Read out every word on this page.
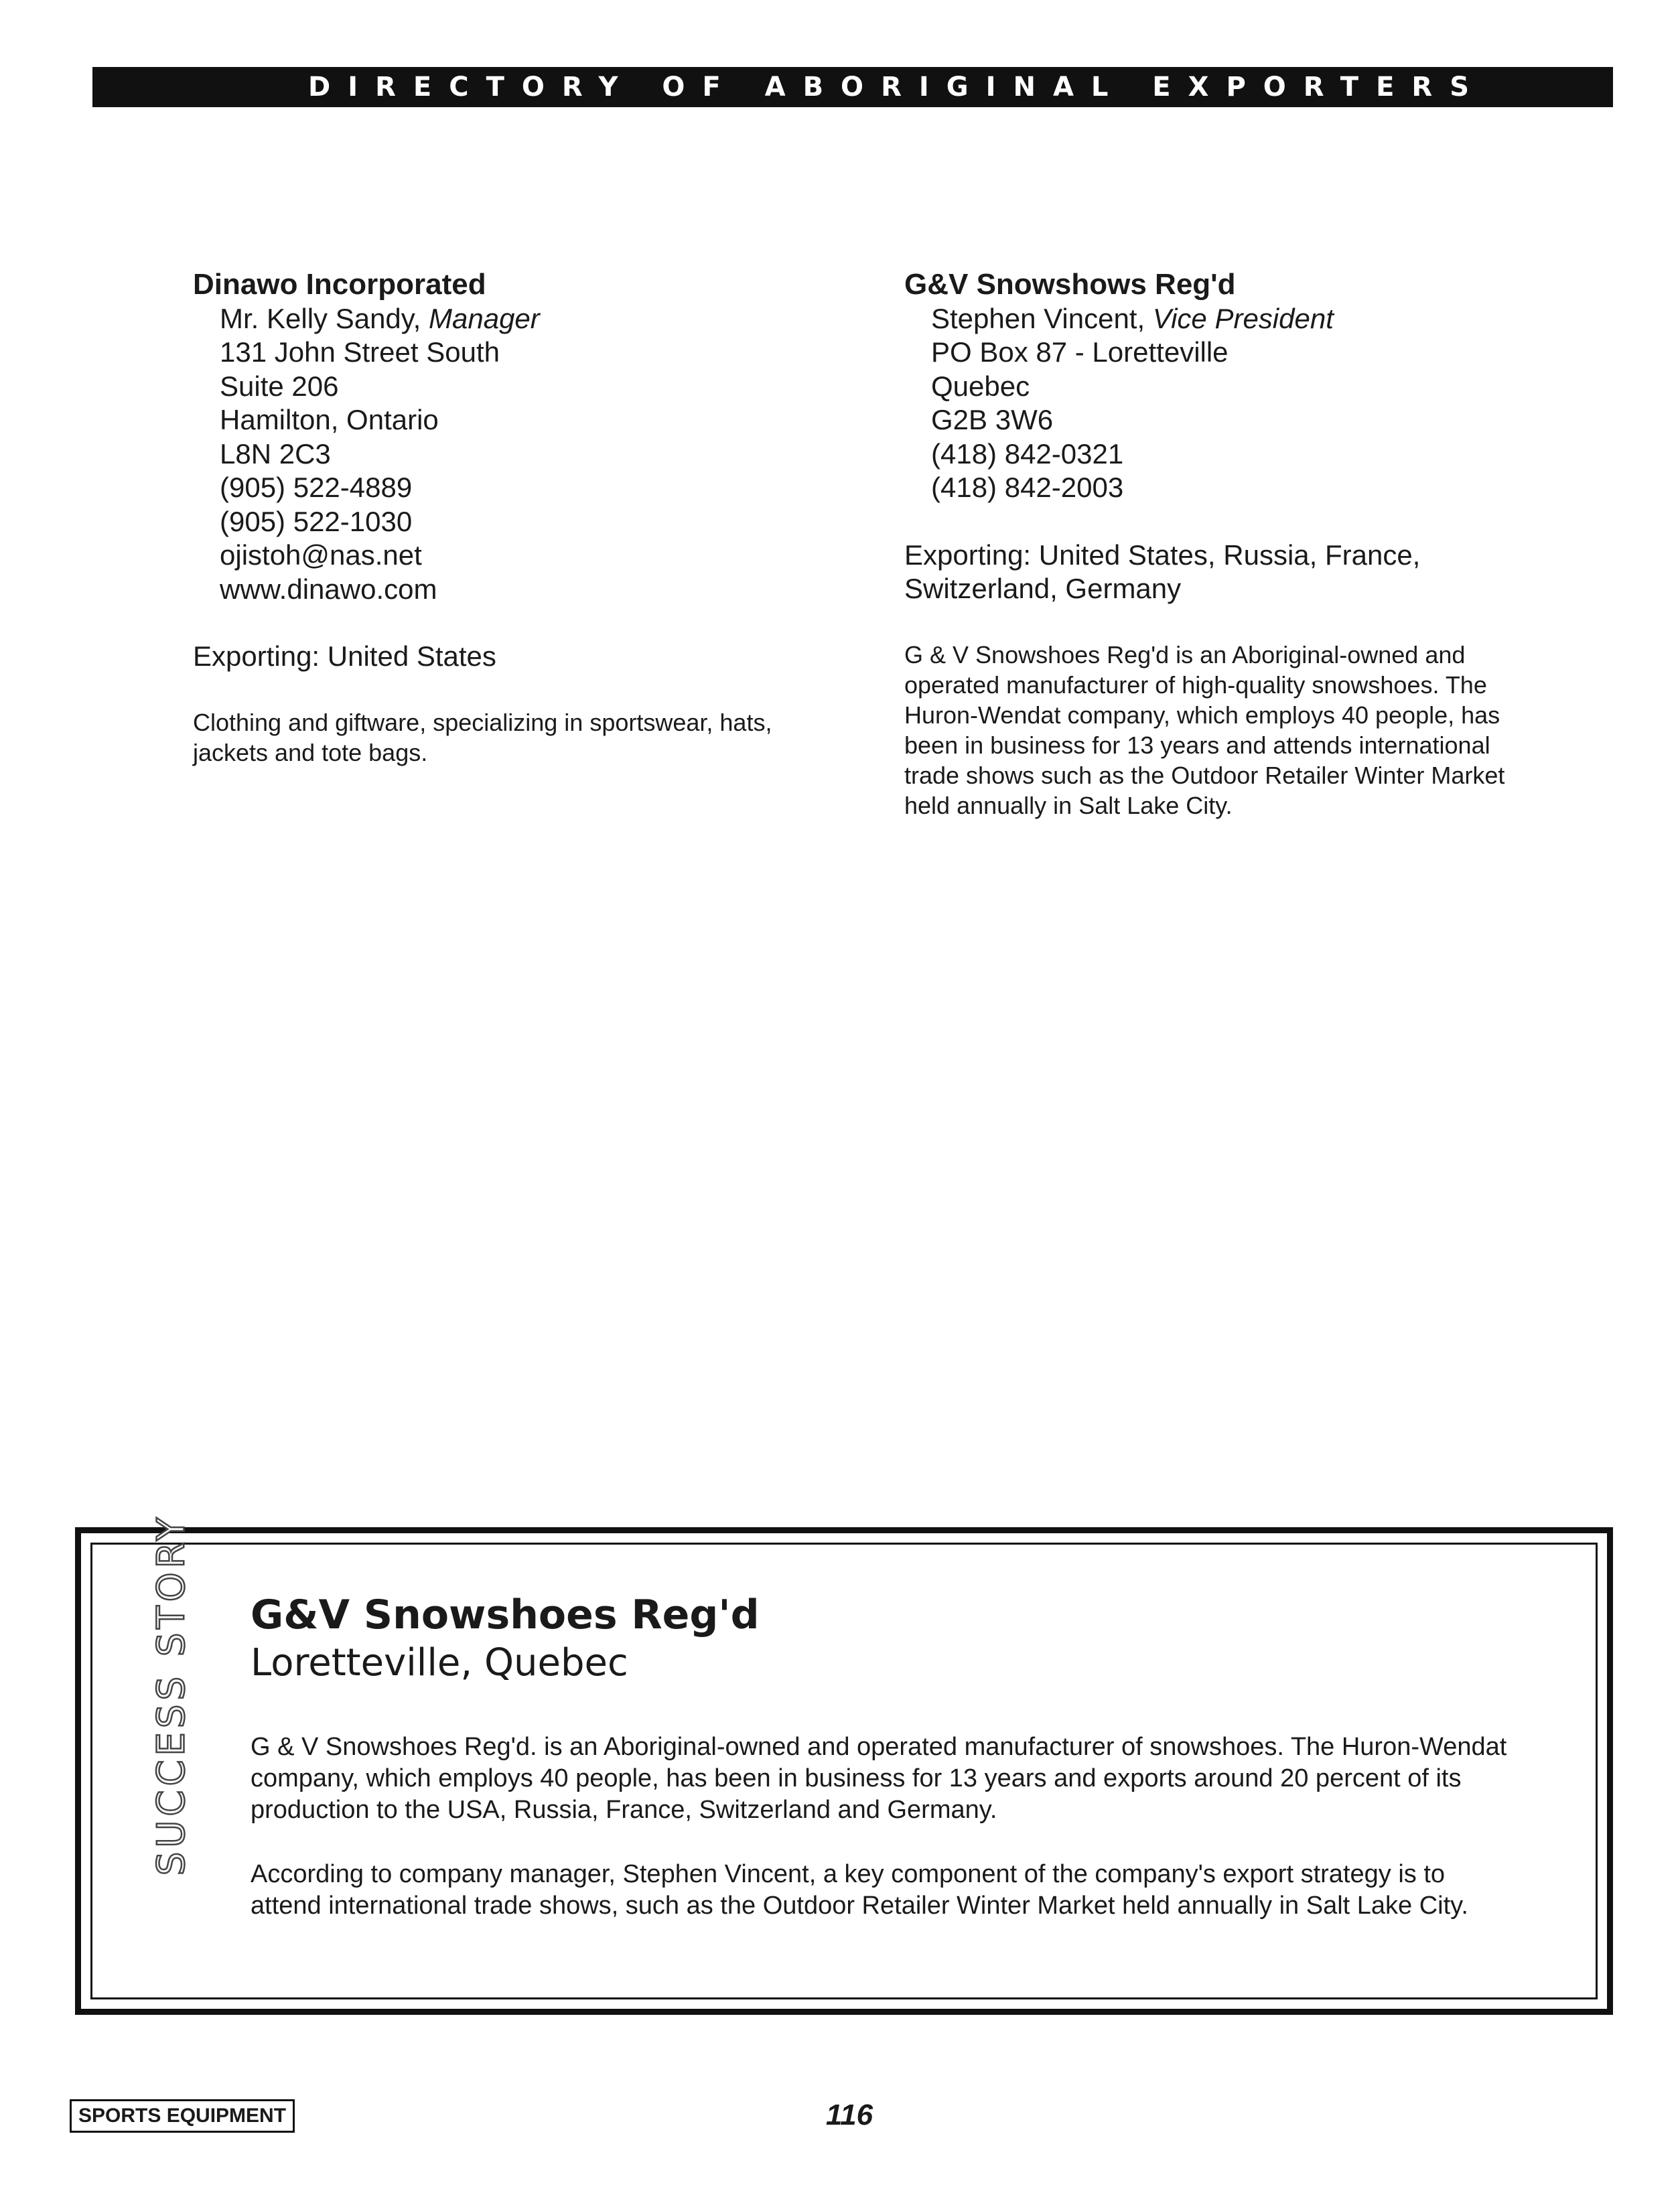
DIRECTORY OF ABORIGINAL EXPORTERS
Dinawo Incorporated
Mr. Kelly Sandy, Manager
131 John Street South
Suite 206
Hamilton, Ontario
L8N 2C3
(905) 522-4889
(905) 522-1030
ojistoh@nas.net
www.dinawo.com
Exporting: United States
Clothing and giftware, specializing in sportswear, hats, jackets and tote bags.
G&V Snowshows Reg'd
Stephen Vincent, Vice President
PO Box 87 - Loretteville
Quebec
G2B 3W6
(418) 842-0321
(418) 842-2003
Exporting: United States, Russia, France, Switzerland, Germany
G & V Snowshoes Reg'd is an Aboriginal-owned and operated manufacturer of high-quality snowshoes. The Huron-Wendat company, which employs 40 people, has been in business for 13 years and attends international trade shows such as the Outdoor Retailer Winter Market held annually in Salt Lake City.
SUCCESS STORY G&V Snowshoes Reg'd
Loretteville, Quebec
G & V Snowshoes Reg'd. is an Aboriginal-owned and operated manufacturer of snowshoes. The Huron-Wendat company, which employs 40 people, has been in business for 13 years and exports around 20 percent of its production to the USA, Russia, France, Switzerland and Germany.
According to company manager, Stephen Vincent, a key component of the company's export strategy is to attend international trade shows, such as the Outdoor Retailer Winter Market held annually in Salt Lake City.
SPORTS EQUIPMENT	116
